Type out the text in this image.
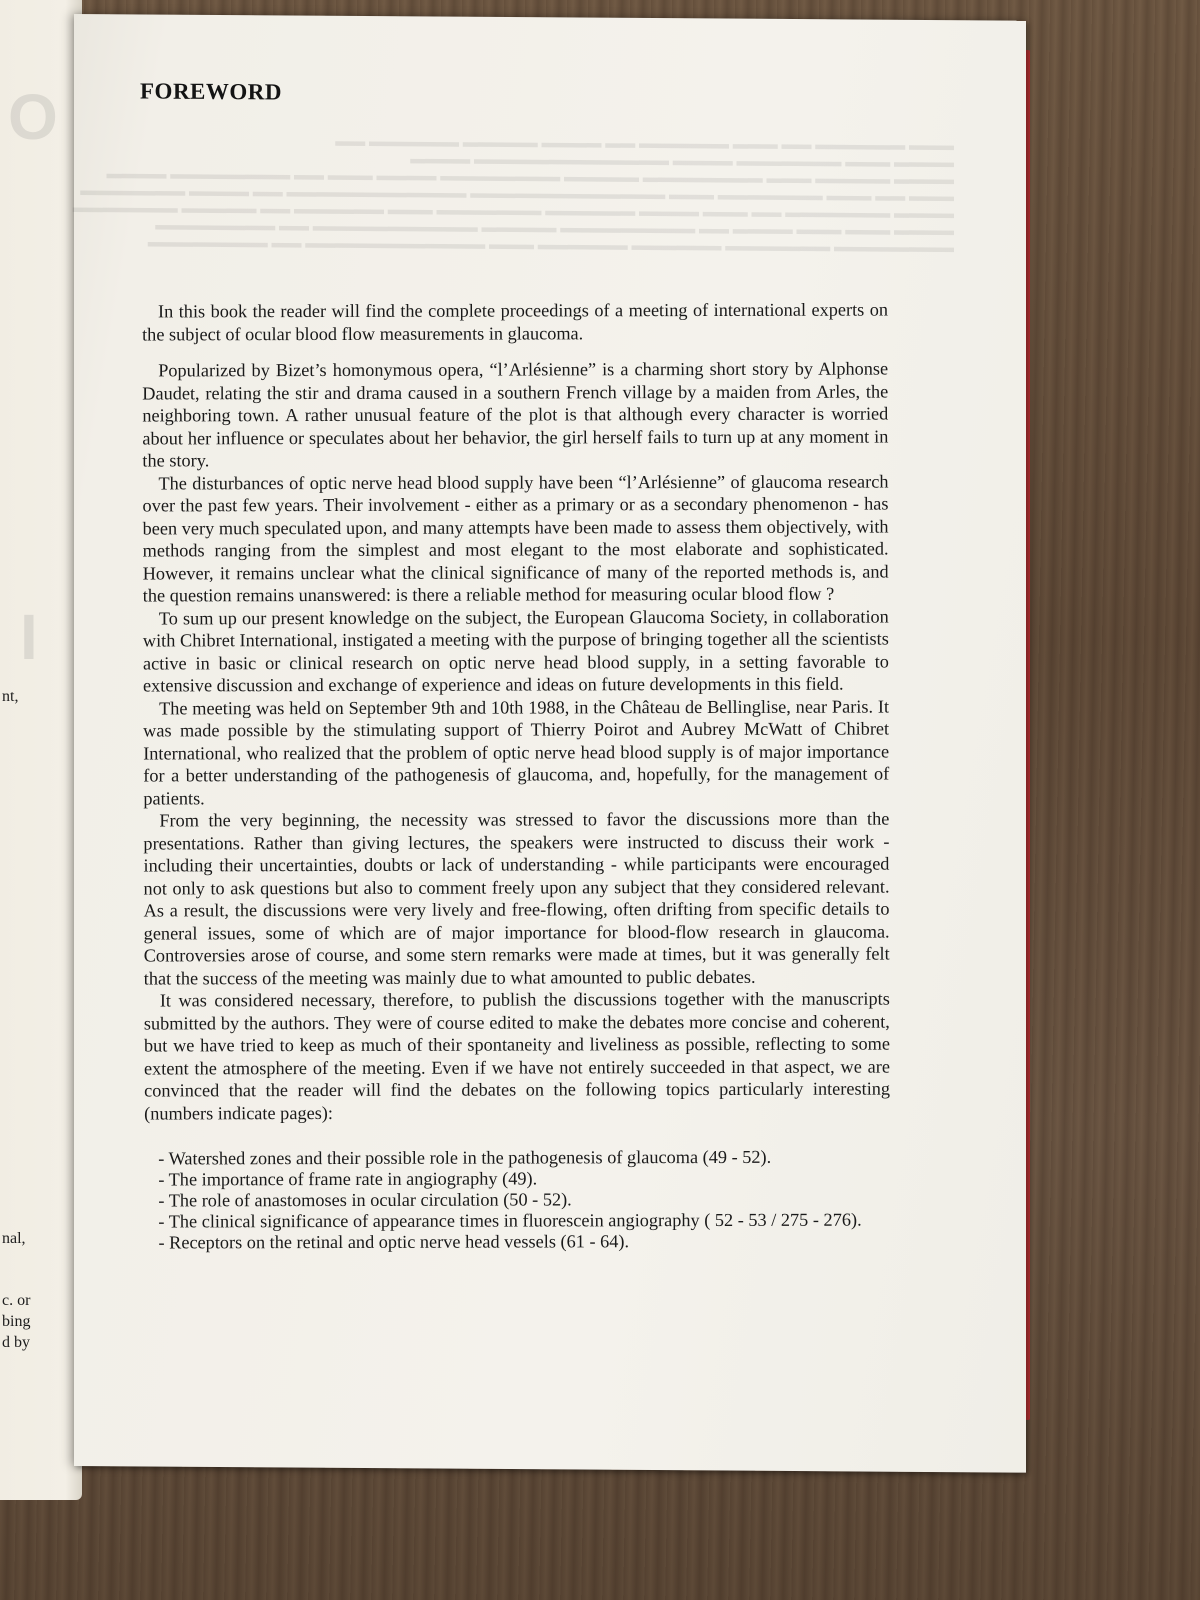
O
I
nt,
nal,
c. or
bing
d by
▬▬▬ ▬▬▬▬▬▬ ▬▬ ▬▬▬ ▬▬▬▬▬▬ ▬▬ ▬▬▬▬ ▬▬▬▬▬ ▬▬▬▬▬▬ ▬▬
▬▬▬▬ ▬▬▬ ▬▬▬▬▬▬▬ ▬▬▬▬ ▬▬▬▬▬▬▬▬▬▬▬▬▬ ▬▬▬▬
▬▬▬▬ ▬▬▬▬▬ ▬▬▬ ▬▬▬▬▬▬▬▬ ▬▬▬▬▬ ▬▬▬▬▬▬▬▬ ▬▬▬▬ ▬▬▬ ▬▬ ▬▬▬▬▬▬▬▬ ▬▬▬▬
▬▬▬ ▬▬ ▬▬▬ ▬▬▬▬▬▬▬ ▬▬▬ ▬▬▬▬▬▬▬▬▬▬▬▬▬ ▬▬▬▬▬▬▬▬▬▬▬▬ ▬▬ ▬▬▬▬ ▬▬▬▬▬▬▬
▬▬▬▬ ▬▬▬▬▬▬▬ ▬▬ ▬▬▬ ▬▬▬▬ ▬▬▬▬▬▬ ▬▬▬▬▬▬▬ ▬▬▬ ▬▬▬▬▬▬ ▬▬ ▬▬▬▬▬ ▬▬▬▬▬▬▬
▬▬▬▬ ▬▬▬ ▬▬▬ ▬▬▬▬ ▬▬ ▬▬▬▬▬▬▬▬▬ ▬▬▬▬▬ ▬▬▬▬▬▬▬▬▬▬▬ ▬▬ ▬▬▬▬▬▬▬▬
▬▬▬▬▬▬▬▬ ▬▬▬▬▬▬▬ ▬▬▬▬▬▬ ▬▬▬▬▬▬ ▬▬▬ ▬▬▬▬▬▬▬▬▬▬▬▬ ▬▬ ▬▬▬▬▬▬▬▬
FOREWORD

In this book the reader will find the complete proceedings of a meeting of international experts on the subject of ocular blood flow measurements in glaucoma.

Popularized by Bizet’s homonymous opera, “l’Arlésienne” is a charming short story by Alphonse Daudet, relating the stir and drama caused in a southern French village by a maiden from Arles, the neighboring town. A rather unusual feature of the plot is that although every character is worried about her influence or speculates about her behavior, the girl herself fails to turn up at any moment in the story.

The disturbances of optic nerve head blood supply have been “l’Arlésienne” of glaucoma research over the past few years. Their involvement - either as a primary or as a secondary phenomenon - has been very much speculated upon, and many attempts have been made to assess them objectively, with methods ranging from the simplest and most elegant to the most elaborate and sophisticated. However, it remains unclear what the clinical significance of many of the reported methods is, and the question remains unanswered: is there a reliable method for measuring ocular blood flow ?

To sum up our present knowledge on the subject, the European Glaucoma Society, in collaboration with Chibret International, instigated a meeting with the purpose of bringing together all the scientists active in basic or clinical research on optic nerve head blood supply, in a setting favorable to extensive discussion and exchange of experience and ideas on future developments in this field.

The meeting was held on September 9th and 10th 1988, in the Château de Bellinglise, near Paris. It was made possible by the stimulating support of Thierry Poirot and Aubrey McWatt of Chibret International, who realized that the problem of optic nerve head blood supply is of major importance for a better understanding of the pathogenesis of glaucoma, and, hopefully, for the management of patients.

From the very beginning, the necessity was stressed to favor the discussions more than the presentations. Rather than giving lectures, the speakers were instructed to discuss their work - including their uncertainties, doubts or lack of understanding - while participants were encouraged not only to ask questions but also to comment freely upon any subject that they considered relevant. As a result, the discussions were very lively and free-flowing, often drifting from specific details to general issues, some of which are of major importance for blood-flow research in glaucoma. Controversies arose of course, and some stern remarks were made at times, but it was generally felt that the success of the meeting was mainly due to what amounted to public debates.

It was considered necessary, therefore, to publish the discussions together with the manuscripts submitted by the authors. They were of course edited to make the debates more concise and coherent, but we have tried to keep as much of their spontaneity and liveliness as possible, reflecting to some extent the atmosphere of the meeting. Even if we have not entirely succeeded in that aspect, we are convinced that the reader will find the debates on the following topics particularly interesting (numbers indicate pages):

- Watershed zones and their possible role in the pathogenesis of glaucoma (49 - 52).
- The importance of frame rate in angiography (49).
- The role of anastomoses in ocular circulation (50 - 52).
- The clinical significance of appearance times in fluorescein angiography ( 52 - 53 / 275 - 276).
- Receptors on the retinal and optic nerve head vessels (61 - 64).
